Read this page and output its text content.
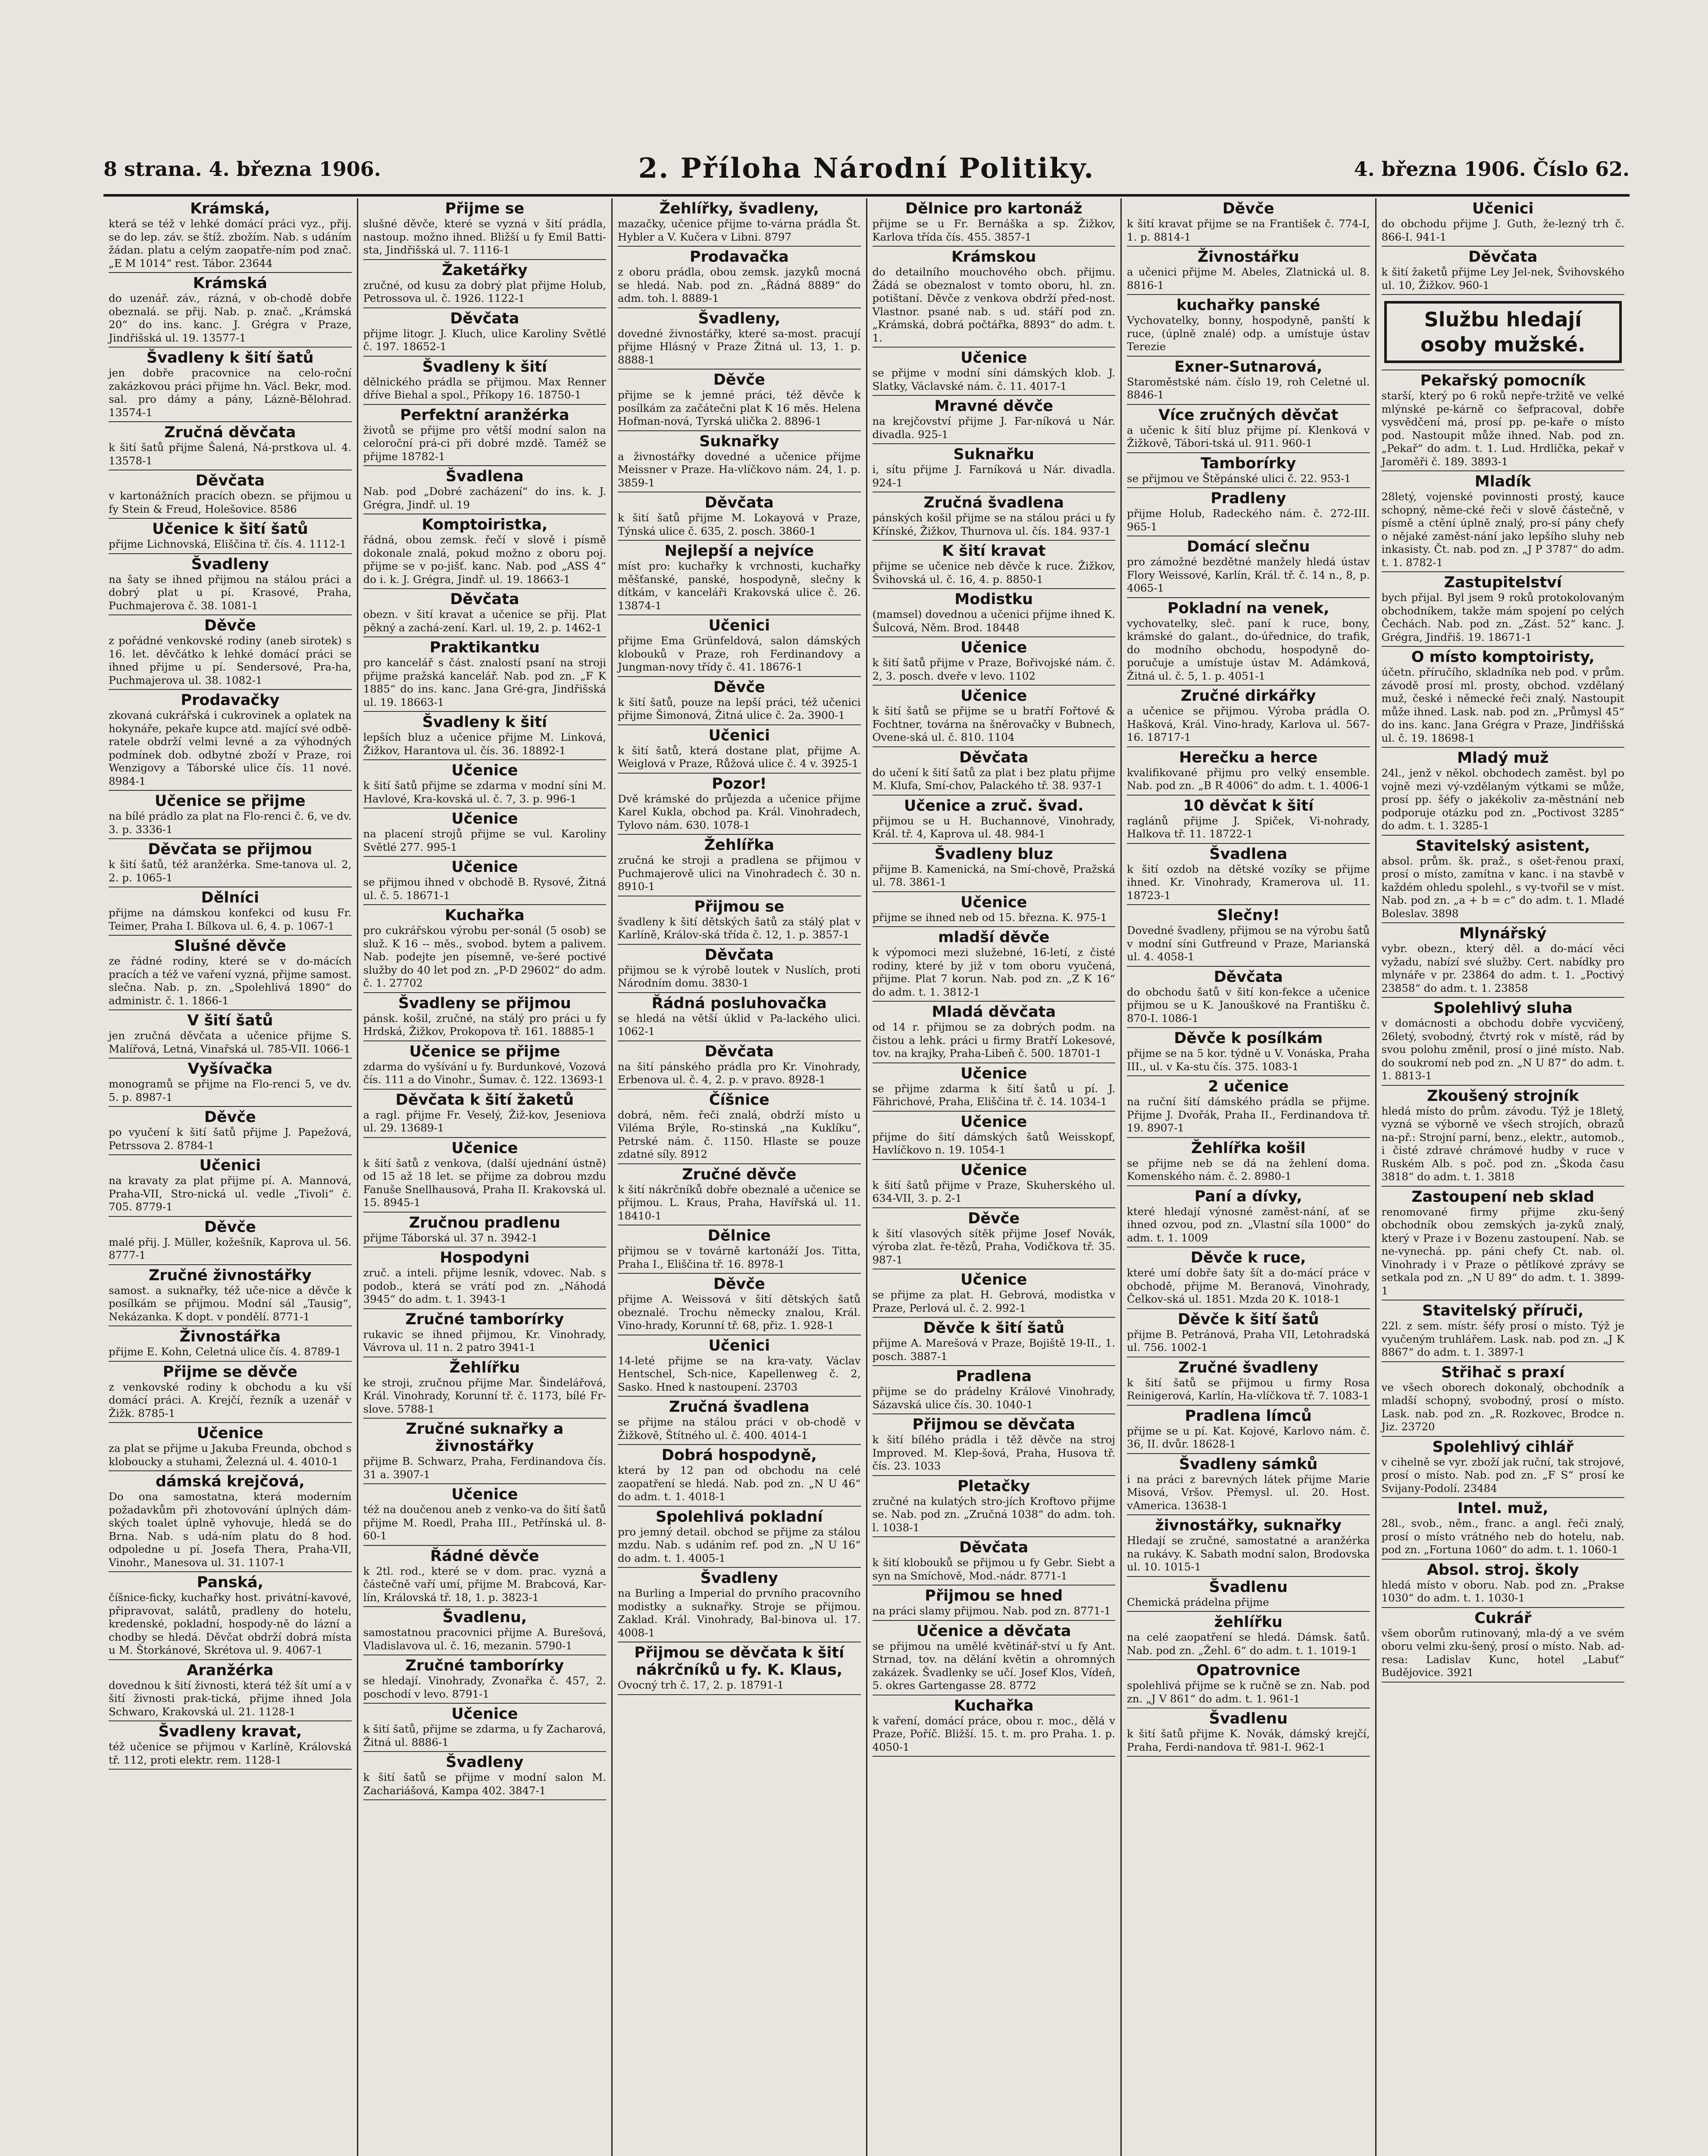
8 strana. 4. března 1906.	2. Příloha Národní Politiky.	4. března 1906. Číslo 62.
Krámská,
která se též v lehké domácí práci vyz., přij. se do lep. záv. se štíž. zbožím. Nab. s udáním žádan. platu a celým zaopatře-ním pod znač. „E M 1014“ rest. Tábor. 23644
Krámská
do uzenář. záv., rázná, v ob-chodě dobře obeznalá. se přij. Nab. p. znač. „Krámská 20“ do ins. kanc. J. Grégra v Praze, Jindřišská ul. 19. 13577-1
Švadleny k šití šatů
jen dobře pracovnice na celo-roční zakázkovou práci přijme hn. Václ. Bekr, mod. sal. pro dámy a pány, Lázně-Bělohrad. 13574-1
Zručná děvčata
k šití šatů přijme Šalená, Ná-prstkova ul. 4. 13578-1
Děvčata
v kartonážních pracích obezn. se přijmou u fy Stein & Freud, Holešovice. 8586
Učenice k šití šatů
přijme Lichnovská, Eliščina tř. čís. 4. 1112-1
Švadleny
na šaty se ihned přijmou na stálou práci a dobrý plat u pí. Krasové, Praha, Puchmajerova č. 38. 1081-1
Děvče
z pořádné venkovské rodiny (aneb sirotek) s 16. let. děvčátko k lehké domácí práci se ihned přijme u pí. Sendersové, Pra-ha, Puchmajerova ul. 38. 1082-1
Prodavačky
zkovaná cukrářská i cukrovinek a oplatek na hokynáře, pekaře kupce atd. mající své odbě-ratele obdrží velmi levné a za výhodných podmínek dob. odbytné zboží v Praze, roi Wenzigovy a Táborské ulice čís. 11 nové. 8984-1
Učenice se přijme
na bílé prádlo za plat na Flo-renci č. 6, ve dv. 3. p. 3336-1
Děvčata se přijmou
k šití šatů, též aranžérka. Sme-tanova ul. 2, 2. p. 1065-1
Dělníci
přijme na dámskou konfekci od kusu Fr. Teimer, Praha I. Bílkova ul. 6, 4. p. 1067-1
Slušné děvče
ze řádné rodiny, které se v do-mácích pracích a též ve vaření vyzná, přijme samost. slečna. Nab. p. zn. „Spolehlivá 1890“ do administr. č. 1. 1866-1
V šití šatů
jen zručná děvčata a učenice přijme S. Malířová, Letná, Vinařská ul. 785-VII. 1066-1
Vyšívačka
monogramů se přijme na Flo-renci 5, ve dv. 5. p. 8987-1
Děvče
po vyučení k šití šatů přijme J. Papežová, Petrssova 2. 8784-1
Učenici
na kravaty za plat přijme pí. A. Mannová, Praha-VII, Stro-nická ul. vedle „Tivoli“ č. 705. 8779-1
Děvče
malé přij. J. Müller, kožešník, Kaprova ul. 56. 8777-1
Zručné živnostářky
samost. a suknařky, též uče-nice a děvče k posílkám se přijmou. Modní sál „Tausig“, Nekázanka. K dopt. v pondělí. 8771-1
Živnostářka
přijme E. Kohn, Celetná ulice čís. 4. 8789-1
Přijme se děvče
z venkovské rodiny k obchodu a ku vší domácí práci. A. Krejčí, řezník a uzenář v Žižk. 8785-1
Učenice
za plat se přijme u Jakuba Freunda, obchod s kloboucky a stuhami, Železná ul. 4. 4010-1
dámská krejčová,
Do ona samostatna, která moderním požadavkům při zhotovování úplných dám-ských toalet úplně vyhovuje, hledá se do Brna. Nab. s udá-ním platu do 8 hod. odpoledne u pí. Josefa Thera, Praha-VII, Vinohr., Manesova ul. 31. 1107-1
Panská,
číšnice-ficky, kuchařky host. privátní-kavové, připravovat, salátů, pradleny do hotelu, kredenské, pokladní, hospody-ně do lázní a chodby se hledá. Děvčat obdrží dobrá místa u M. Štorkánové, Skrétova ul. 9. 4067-1
Aranžérka
dovednou k šití živnosti, která též šít umí a v šití živnosti prak-tická, přijme ihned Jola Schwaro, Krakovská ul. 21. 1128-1
Švadleny kravat,
též učenice se přijmou v Karlíně, Královská tř. 112, proti elektr. rem. 1128-1
Přijme se
slušné děvče, které se vyzná v šití prádla, nastoup. možno ihned. Bližší u fy Emil Batti-sta, Jindřišská ul. 7. 1116-1
Žaketářky
zručné, od kusu za dobrý plat přijme Holub, Petrossova ul. č. 1926. 1122-1
Děvčata
přijme litogr. J. Kluch, ulice Karoliny Světlé č. 197. 18652-1
Švadleny k šití
dělnického prádla se přijmou. Max Renner dříve Biehal a spol., Příkopy 16. 18750-1
Perfektní aranžérka
životů se přijme pro větší modní salon na celoroční prá-ci při dobré mzdě. Taméž se přijme 18782-1
Švadlena
Nab. pod „Dobré zacházení“ do ins. k. J. Grégra, Jindř. ul. 19
Komptoiristka,
řádná, obou zemsk. řečí v slově i písmě dokonale znalá, pokud možno z oboru poj. přijme se v po-jišť. kanc. Nab. pod „ASS 4“ do i. k. J. Grégra, Jindř. ul. 19. 18663-1
Děvčata
obezn. v šití kravat a učenice se přij. Plat pěkný a zachá-zení. Karl. ul. 19, 2. p. 1462-1
Praktikantku
pro kancelář s část. znalostí psaní na stroji přijme pražská kancelář. Nab. pod zn. „F K 1885“ do ins. kanc. Jana Gré-gra, Jindřišská ul. 19. 18663-1
Švadleny k šití
lepších bluz a učenice přijme M. Linková, Žižkov, Harantova ul. čís. 36. 18892-1
Učenice
k šití šatů přijme se zdarma v modní síni M. Havlové, Kra-kovská ul. č. 7, 3. p. 996-1
Učenice
na placení strojů přijme se vul. Karoliny Světlé 277. 995-1
Učenice
se přijmou ihned v obchodě B. Rysové, Žitná ul. č. 5. 18671-1
Kuchařka
pro cukrářskou výrobu per-sonál (5 osob) se služ. K 16 -- měs., svobod. bytem a palivem. Nab. podejte jen písemně, ve-šeré poctivé služby do 40 let pod zn. „P-D 29602“ do adm. č. 1. 27702
Švadleny se přijmou
pánsk. košil, zručné, na stálý pro práci u fy Hrdská, Žižkov, Prokopova tř. 161. 18885-1
Učenice se přijme
zdarma do vyšívání u fy. Burdunkové, Vozová čís. 111 a do Vinohr., Šumav. č. 122. 13693-1
Děvčata k šití žaketů
a ragl. přijme Fr. Veselý, Žiž-kov, Jeseniova ul. 29. 13689-1
Učenice
k šití šatů z venkova, (další ujednání ústně) od 15 až 18 let. se přijme za dobrou mzdu Fanuše Snellhausová, Praha II. Krakovská ul. 15. 8945-1
Zručnou pradlenu
přijme Táborská ul. 37 n. 3942-1
Hospodyni
zruč. a inteli. přijme lesník, vdovec. Nab. s podob., která se vrátí pod zn. „Náhodá 3945“ do adm. t. 1. 3943-1
Zručné tamborírky
rukavic se ihned přijmou, Kr. Vinohrady, Vávrova ul. 11 n. 2 patro 3941-1
Žehlířku
ke stroji, zručnou přijme Mar. Šindelářová, Král. Vinohrady, Korunní tř. č. 1173, bílé Fr-slove. 5788-1
Zručné suknařky a živnostářky
přijme B. Schwarz, Praha, Ferdinandova čís. 31 a. 3907-1
Učenice
též na doučenou aneb z venko-va do šití šatů přijme M. Roedl, Praha III., Petřínská ul. 8-60-1
Řádné děvče
k 2tl. rod., které se v dom. prac. vyzná a částečně vaří umí, přijme M. Brabcová, Kar-lín, Královská tř. 18, 1. p. 3823-1
Švadlenu,
samostatnou pracovnici přijme A. Burešová, Vladislavova ul. č. 16, mezanin. 5790-1
Zručné tamborírky
se hledají. Vinohrady, Zvonařka č. 457, 2. poschodí v levo. 8791-1
Učenice
k šití šatů, přijme se zdarma, u fy Zacharová, Žitná ul. 8886-1
Švadleny
k šití šatů se přijme v modní salon M. Zachariášová, Kampa 402. 3847-1
Žehlířky, švadleny,
mazačky, učenice přijme to-várna prádla Št. Hybler a V. Kučera v Libni. 8797
Prodavačka
z oboru prádla, obou zemsk. jazyků mocná se hledá. Nab. pod zn. „Řádná 8889“ do adm. toh. l. 8889-1
Švadleny,
dovedné živnostářky, které sa-most. pracují přijme Hlásný v Praze Žitná ul. 13, 1. p. 8888-1
Děvče
přijme se k jemné práci, též děvče k posílkám za začátečni plat K 16 měs. Helena Hofman-nová, Tyrská ulička 2. 8896-1
Suknařky
a živnostářky dovedné a učenice přijme Meissner v Praze. Ha-vlíčkovo nám. 24, 1. p. 3859-1
Děvčata
k šití šatů přijme M. Lokayová v Praze, Týnská ulice č. 635, 2. posch. 3860-1
Nejlepší a nejvíce
míst pro: kuchařky k vrchnosti, kuchařky měšťanské, panské, hospodyně, slečny k dítkám, v kanceláři Krakovská ulice č. 26. 13874-1
Učenici
přijme Ema Grünfeldová, salon dámských klobouků v Praze, roh Ferdinandovy a Jungman-novy třídy č. 41. 18676-1
Děvče
k šití šatů, pouze na lepší práci, též učenici přijme Šimonová, Žitná ulice č. 2a. 3900-1
Učenici
k šití šatů, která dostane plat, přijme A. Weiglová v Praze, Růžová ulice č. 4 v. 3925-1
Pozor!
Dvě krámské do průjezda a učenice přijme Karel Kukla, obchod pa. Král. Vinohradech, Tylovo nám. 630. 1078-1
Žehlířka
zručná ke stroji a pradlena se přijmou v Puchmajerově ulici na Vinohradech č. 30 n. 8910-1
Přijmou se
švadleny k šití dětských šatů za stálý plat v Karlíně, Králov-ská třída č. 12, 1. p. 3857-1
Děvčata
přijmou se k výrobě loutek v Nuslích, proti Národním domu. 3830-1
Řádná posluhovačka
se hledá na větší úklid v Pa-lackého ulici. 1062-1
Děvčata
na šití pánského prádla pro Kr. Vinohrady, Erbenova ul. č. 4, 2. p. v pravo. 8928-1
Číšnice
dobrá, něm. řeči znalá, obdrží místo u Viléma Brýle, Ro-stinská „na Kuklíku“, Petrské nám. č. 1150. Hlaste se pouze zdatné síly. 8912
Zručné děvče
k šití nákrčníků dobře obeznalé a učenice se přijmou. L. Kraus, Praha, Havířská ul. 11. 18410-1
Dělnice
přijmou se v továrně kartonáží Jos. Titta, Praha I., Eliščina tř. 16. 8978-1
Děvče
přijme A. Weissová v šití dětských šatů obeznalé. Trochu německy znalou, Král. Vino-hrady, Korunní tř. 68, přiz. 1. 928-1
Učenici
14-leté přijme se na kra-vaty. Václav Hentschel, Sch-nice, Kapellenweg č. 2, Sasko. Hned k nastoupení. 23703
Zručná švadlena
se přijme na stálou práci v ob-chodě v Žižkově, Štítného ul. č. 400. 4014-1
Dobrá hospodyně,
která by 12 pan od obchodu na celé zaopatření se hledá. Nab. pod zn. „N U 46“ do adm. t. 1. 4018-1
Spolehlivá pokladní
pro jemný detail. obchod se přijme za stálou mzdu. Nab. s udáním ref. pod zn. „N U 16“ do adm. t. 1. 4005-1
Švadleny
na Burling a Imperial do prvního pracovního modistky a suknařky. Stroje se přijmou. Zaklad. Král. Vinohrady, Bal-binova ul. 17. 4008-1
Přijmou se děvčata k šití nákrčníků u fy. K. Klaus,
Ovocný trh č. 17, 2. p. 18791-1
Dělnice pro kartonáž
přijme se u Fr. Bernáška a sp. Žižkov, Karlova třída čís. 455. 3857-1
Krámskou
do detailního mouchového obch. přijmu. Žádá se obeznalost v tomto oboru, hl. zn. potištaní. Děvče z venkova obdrží před-nost. Vlastnor. psané nab. s ud. stáří pod zn. „Krámská, dobrá počtářka, 8893“ do adm. t. 1.
Učenice
se přijme v modní síni dámských klob. J. Slatky, Václavské nám. č. 11. 4017-1
Mravné děvče
na krejčovství přijme J. Far-níková u Nár. divadla. 925-1
Suknařku
i, sítu přijme J. Farníková u Nár. divadla. 924-1
Zručná švadlena
pánských košil přijme se na stálou práci u fy Křínské, Žižkov, Thurnova ul. čís. 184. 937-1
K šití kravat
přijme se učenice neb děvče k ruce. Žižkov, Švihovská ul. č. 16, 4. p. 8850-1
Modistku
(mamsel) dovednou a učenici přijme ihned K. Šulcová, Něm. Brod. 18448
Učenice
k šití šatů přijme v Praze, Bořivojské nám. č. 2, 3. posch. dveře v levo. 1102
Učenice
k šití šatů se přijme se u bratří Fořtové & Fochtner, továrna na šněrovačky v Bubnech, Ovene-ská ul. č. 810. 1104
Děvčata
do učení k šití šatů za plat i bez platu přijme M. Klufa, Smí-chov, Palackého tř. 38. 937-1
Učenice a zruč. švad.
přijmou se u H. Buchannové, Vinohrady, Král. tř. 4, Kaprova ul. 48. 984-1
Švadleny bluz
přijme B. Kamenická, na Smí-chově, Pražská ul. 78. 3861-1
Učenice
přijme se ihned neb od 15. března. K. 975-1
mladší děvče
k výpomoci mezi služebné, 16-letí, z čisté rodiny, které by již v tom oboru vyučená, přijme. Plat 7 korun. Nab. pod zn. „Z K 16“ do adm. t. 1. 3812-1
Mladá děvčata
od 14 r. přijmou se za dobrých podm. na čistou a lehk. práci u firmy Bratří Lokesové, tov. na krajky, Praha-Libeň č. 500. 18701-1
Učenice
se přijme zdarma k šití šatů u pí. J. Fährichové, Praha, Eliščina tř. č. 14. 1034-1
Učenice
přijme do šití dámských šatů Weisskopf, Havlíčkovo n. 19. 1054-1
Učenice
k šití šatů přijme v Praze, Skuherského ul. 634-VII, 3. p. 2-1
Děvče
k šití vlasových sítěk přijme Josef Novák, výroba zlat. ře-tězů, Praha, Vodičkova tř. 35. 987-1
Učenice
se přijme za plat. H. Gebrová, modistka v Praze, Perlová ul. č. 2. 992-1
Děvče k šití šatů
přijme A. Marešová v Praze, Bojiště 19-II., 1. posch. 3887-1
Pradlena
přijme se do prádelny Králové Vinohrady, Sázavská ulice čís. 30. 1040-1
Přijmou se děvčata
k šití bílého prádla i těž děvče na stroj Improved. M. Klep-šová, Praha, Husova tř. čís. 23. 1033
Pletačky
zručné na kulatých stro-jích Kroftovo přijme se. Nab. pod zn. „Zručná 1038“ do adm. toh. l. 1038-1
Děvčata
k šití klobouků se přijmou u fy Gebr. Siebt a syn na Smíchově, Mod.-nádr. 8771-1
Přijmou se hned
na práci slamy přijmou. Nab. pod zn. 8771-1
Učenice a děvčata
se přijmou na umělé květinář-ství u fy Ant. Strnad, tov. na dělání květin a ohromných zakázek. Švadlenky se učí. Josef Klos, Vídeň, 5. okres Gartengasse 28. 8772
Kuchařka
k vaření, domácí práce, obou r. moc., dělá v Praze, Poříč. Bližší. 15. t. m. pro Praha. 1. p. 4050-1
Děvče
k šití kravat přijme se na František č. 774-I, 1. p. 8814-1
Živnostářku
a učenici přijme M. Abeles, Zlatnická ul. 8. 8816-1
kuchařky panské
Vychovatelky, bonny, hospodyně, panští k ruce, (úplně znalé) odp. a umístuje ústav Terezie
Exner-Sutnarová,
Staroměstské nám. číslo 19, roh Celetné ul. 8846-1
Více zručných děvčat
a učenic k šití bluz přijme pí. Klenková v Žižkově, Tábori-tská ul. 911. 960-1
Tamborírky
se přijmou ve Štěpánské ulici č. 22. 953-1
Pradleny
přijme Holub, Radeckého nám. č. 272-III. 965-1
Domácí slečnu
pro zámožné bezdětné manžely hledá ústav Flory Weissové, Karlín, Král. tř. č. 14 n., 8, p. 4065-1
Pokladní na venek,
vychovatelky, sleč. paní k ruce, bony, krámské do galant., do-úřednice, do trafik, do modního obchodu, hospodyně do-poručuje a umístuje ústav M. Adámková, Žitná ul. č. 5, 1. p. 4051-1
Zručné dirkářky
a učenice se přijmou. Výroba prádla O. Hašková, Král. Vino-hrady, Karlova ul. 567-16. 18717-1
Herečku a herce
kvalifikované přijmu pro velký ensemble. Nab. pod zn. „B R 4006“ do adm. t. 1. 4006-1
10 děvčat k šití
raglánů přijme J. Spiček, Vi-nohrady, Halkova tř. 11. 18722-1
Švadlena
k šití ozdob na dětské vozíky se přijme ihned. Kr. Vinohrady, Kramerova ul. 11. 18723-1
Slečny!
Dovedné švadleny, přijmou se na výrobu šatů v modní síni Gutfreund v Praze, Marianská ul. 4. 4058-1
Děvčata
do obchodu šatů v šití kon-fekce a učenice přijmou se u K. Janouškové na Františku č. 870-I. 1086-1
Děvče k posílkám
přijme se na 5 kor. týdně u V. Vonáska, Praha III., ul. v Ka-stu čís. 375. 1083-1
2 učenice
na ruční šití dámského prádla se přijme. Přijme J. Dvořák, Praha II., Ferdinandova tř. 19. 8907-1
Žehlířka košil
se přijme neb se dá na žehlení doma. Komenského nám. č. 2. 8980-1
Paní a dívky,
které hledají výnosné zaměst-nání, ať se ihned ozvou, pod zn. „Vlastní síla 1000“ do adm. t. 1. 1009
Děvče k ruce,
které umí dobře šaty šít a do-mácí práce v obchodě, přijme M. Beranová, Vinohrady, Čelkov-ská ul. 1851. Mzda 20 K. 1018-1
Děvče k šití šatů
přijme B. Petránová, Praha VII, Letohradská ul. 756. 1002-1
Zručné švadleny
k šití šatů se přijmou u firmy Rosa Reinigerová, Karlín, Ha-vlíčkova tř. 7. 1083-1
Pradlena límců
přijme se u pí. Kat. Kojové, Karlovo nám. č. 36, II. dvůr. 18628-1
Švadleny sámků
i na práci z barevných látek přijme Marie Misová, Vršov. Přemysl. ul. 20. Host. vAmerica. 13638-1
živnostářky, suknařky
Hledají se zručné, samostatné a aranžérka na rukávy. K. Sabath modní salon, Brodovska ul. 10. 1015-1
Švadlenu
Chemická prádelna přijme
žehlířku
na celé zaopatření se hledá. Dámsk. šatů. Nab. pod zn. „Žehl. 6“ do adm. t. 1. 1019-1
Opatrovnice
spolehlivá přijme se k ručně se zn. Nab. pod zn. „J V 861“ do adm. t. 1. 961-1
Švadlenu
k šití šatů přijme K. Novák, dámský krejčí, Praha, Ferdi-nandova tř. 981-I. 962-1
Učenici
do obchodu přijme J. Guth, že-lezný trh č. 866-I. 941-1
Děvčata
k šití žaketů přijme Ley Jel-nek, Švihovského ul. 10, Žižkov. 960-1
Službu hledají osoby mužské.
Pekařský pomocník
starší, který po 6 roků nepře-tržitě ve velké mlýnské pe-kárně co šefpracoval, dobře vysvědčení má, prosí pp. pe-kaře o místo pod. Nastoupit může ihned. Nab. pod zn. „Pekař“ do adm. t. 1. Lud. Hrdlička, pekař v Jaroměři č. 189. 3893-1
Mladík
28letý, vojenské povinnosti prostý, kauce schopný, něme-cké řeči v slově částečně, v písmě a ctění úplně znalý, pro-sí pány chefy o nějaké zaměst-nání jako lepšího sluhy neb inkasisty. Čt. nab. pod zn. „J P 3787“ do adm. t. 1. 8782-1
Zastupitelství
bych přijal. Byl jsem 9 roků protokolovaným obchodníkem, takže mám spojení po celých Čechách. Nab. pod zn. „Zást. 52“ kanc. J. Grégra, Jindřiš. 19. 18671-1
O místo komptoiristy,
účetn. příručího, skladníka neb pod. v prům. závodě prosí ml. prosty, obchod. vzdělaný muž, české i německé řeči znalý. Nastoupit může ihned. Lask. nab. pod zn. „Průmysl 45“ do ins. kanc. Jana Grégra v Praze, Jindřišská ul. č. 19. 18698-1
Mladý muž
24l., jenž v někol. obchodech zaměst. byl po vojně mezi vý-vzdělaným výtkami se může, prosí pp. šéfy o jakékoliv za-městnání neb podporuje otázku pod zn. „Poctivost 3285“ do adm. t. 1. 3285-1
Stavitelský asistent,
absol. prům. šk. praž., s ošet-řenou praxí, prosí o místo, zamítna v kanc. i na stavbě v každém ohledu spolehl., s vy-tvořil se v míst. Nab. pod zn. „a + b = c“ do adm. t. 1. Mladé Boleslav. 3898
Mlynářský
vybr. obezn., který děl. a do-mácí věci vyžadu, nabízí své služby. Cert. nabídky pro mlynáře v pr. 23864 do adm. t. 1. „Poctivý 23858“ do adm. t. 1. 23858
Spolehlivý sluha
v domácnosti a obchodu dobře vycvičený, 26letý, svobodný, čtvrtý rok v místě, rád by svou polohu změnil, prosí o jiné místo. Nab. do soukromí neb pod zn. „N U 87“ do adm. t. 1. 8813-1
Zkoušený strojník
hledá místo do prům. závodu. Týž je 18letý, vyzná se výborně ve všech strojích, obrazů na-př.: Strojní parní, benz., elektr., automob., i čisté zdravé chrámové hudby v ruce v Ruském Alb. s poč. pod zn. „Škoda času 3818“ do adm. t. 1. 3818
Zastoupení neb sklad
renomované firmy přijme zku-šený obchodník obou zemských ja-zyků znalý, který v Praze i v Bozenu zastoupení. Nab. se ne-vynechá. pp. páni chefy Ct. nab. ol. Vinohrady i v Praze o pětlíkové zprávy se setkala pod zn. „N U 89“ do adm. t. 1. 3899-1
Stavitelský příruči,
22l. z sem. místr. šéfy prosí o místo. Týž je vyučeným truhlářem. Lask. nab. pod zn. „J K 8867“ do adm. t. 1. 3897-1
Střihač s praxí
ve všech oborech dokonalý, obchodník a mladší schopný, svobodný, prosí o místo. Lask. nab. pod zn. „R. Rozkovec, Brodce n. Jiz. 23720
Spolehlivý cihlář
v cihelně se vyr. zboží jak ruční, tak strojové, prosí o místo. Nab. pod zn. „F S“ prosí ke Svijany-Podolí. 23484
Intel. muž,
28l., svob., něm., franc. a angl. řeči znalý, prosí o místo vrátného neb do hotelu, nab. pod zn. „Fortuna 1060“ do adm. t. 1. 1060-1
Absol. stroj. školy
hledá místo v oboru. Nab. pod zn. „Prakse 1030“ do adm. t. 1. 1030-1
Cukrář
všem oborům rutinovaný, mla-dý a ve svém oboru velmi zku-šený, prosí o místo. Nab. ad-resa: Ladislav Kunc, hotel „Labuť“ Budějovice. 3921
